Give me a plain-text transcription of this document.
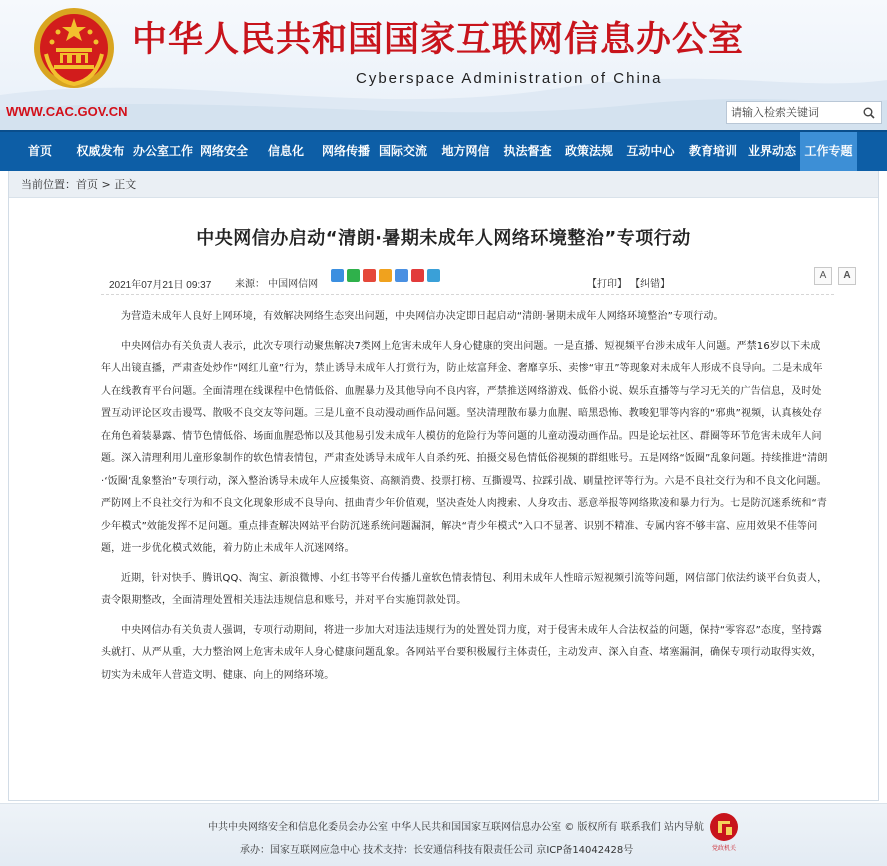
中华人民共和国国家互联网信息办公室
Cyberspace Administration of China
WWW.CAC.GOV.CN
请输入检索关键词
首页	权威发布 办公室工作 网络安全	信息化	网络传播 国际交流	地方网信	执法督查	政策法规	互动中心	教育培训 业界动态 工作专题
当前位置：首页 > 正文
中央网信办启动“清朗·暑期未成年人网络环境整治”专项行动
2021年07月21日 09:37 来源： 中国网信网	【打印】 【纠错】
A	A

为营造未成年人良好上网环境，有效解决网络生态突出问题，中央网信办决定即日起启动“清朗·暑期未成年人网络环境整治”专项行动。

中央网信办有关负责人表示，此次专项行动聚焦解决7类网上危害未成年人身心健康的突出问题。一是直播、短视频平台涉未成年人问题。严禁16岁以下未成年人出镜直播，严肃查处炒作“网红儿童”行为，禁止诱导未成年人打赏行为，防止炫富拜金、奢靡享乐、卖惨“审丑”等现象对未成年人形成不良导向。二是未成年人在线教育平台问题。全面清理在线课程中色情低俗、血腥暴力及其他导向不良内容，严禁推送网络游戏、低俗小说、娱乐直播等与学习无关的广告信息，及时处置互动评论区攻击谩骂、散吸不良交友等问题。三是儿童不良动漫动画作品问题。坚决清理散布暴力血腥、暗黑恐怖、教唆犯罪等内容的“邪典”视频，认真核处存在角色着装暴露、情节色情低俗、场面血腥恐怖以及其他易引发未成年人模仿的危险行为等问题的儿童动漫动画作品。四是论坛社区、群圈等环节危害未成年人问题。深入清理利用儿童形象制作的软色情表情包，严肃查处诱导未成年人自杀约死、拍摄交易色情低俗视频的群组账号。五是网络“饭圈”乱象问题。持续推进“清朗·‘饭圈’乱象整治”专项行动，深入整治诱导未成年人应援集资、高额消费、投票打榜、互撕谩骂、拉踩引战、刷量控评等行为。六是不良社交行为和不良文化问题。严防网上不良社交行为和不良文化现象形成不良导向、扭曲青少年价值观，坚决查处人肉搜索、人身攻击、恶意举报等网络欺凌和暴力行为。七是防沉迷系统和“青少年模式”效能发挥不足问题。重点排查解决网站平台防沉迷系统问题漏洞，解决“青少年模式”入口不显著、识别不精准、专属内容不够丰富、应用效果不佳等问题，进一步优化模式效能，着力防止未成年人沉迷网络。

近期，针对快手、腾讯QQ、淘宝、新浪微博、小红书等平台传播儿童软色情表情包、利用未成年人性暗示短视频引流等问题，网信部门依法约谈平台负责人，责令限期整改，全面清理处置相关违法违规信息和账号，并对平台实施罚款处罚。

中央网信办有关负责人强调，专项行动期间，将进一步加大对违法违规行为的处置处罚力度，对于侵害未成年人合法权益的问题，保持“零容忍”态度，坚持露头就打、从严从重，大力整治网上危害未成年人身心健康问题乱象。各网站平台要积极履行主体责任，主动发声、深入自查、堵塞漏洞，确保专项行动取得实效，切实为未成年人营造文明、健康、向上的网络环境。

中共中央网络安全和信息化委员会办公室 中华人民共和国国家互联网信息办公室 © 版权所有 联系我们 站内导航
承办：国家互联网应急中心 技术支持：长安通信科技有限责任公司 京ICP备14042428号	党政机关
